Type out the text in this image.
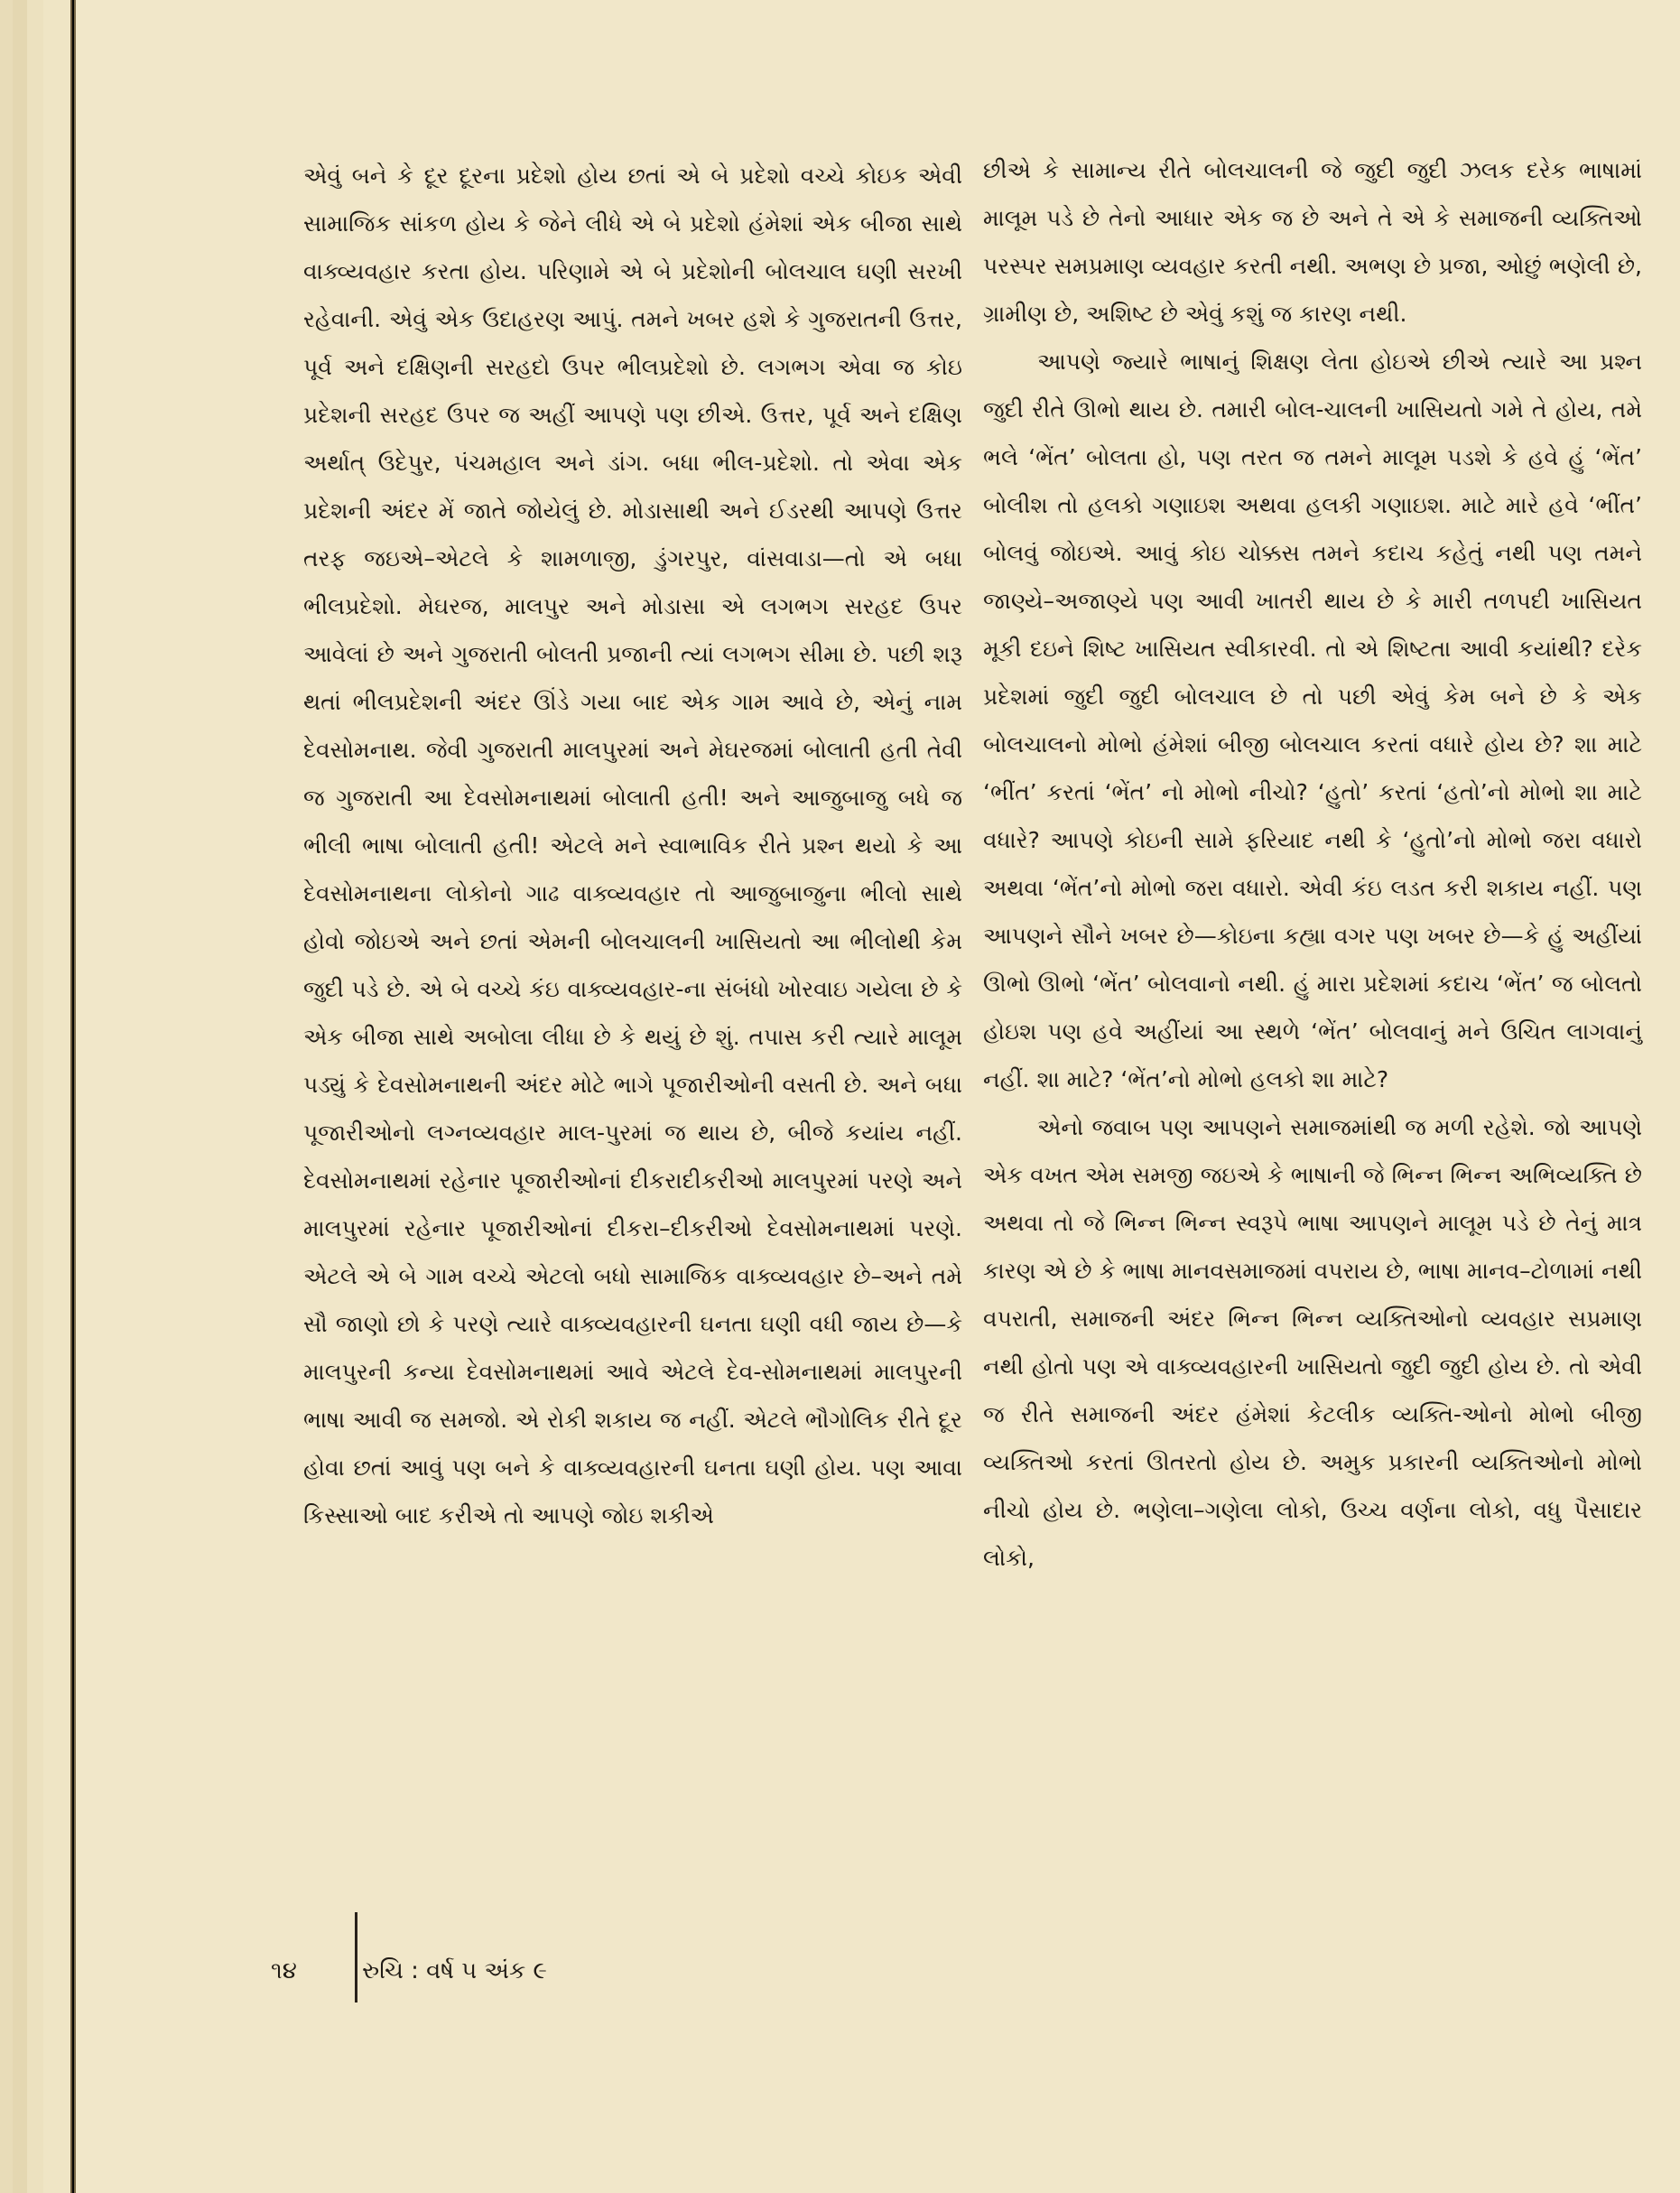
એવું બને કે દૂર દૂરના પ્રદેશો હોય છતાં એ બે પ્રદેશો વચ્ચે કોઇક એવી સામાજિક સાંકળ હોય કે જેને લીધે એ બે પ્રદેશો હંમેશાં એક બીજા સાથે વાક્વ્યવહાર કરતા હોય. પરિણામે એ બે પ્રદેશોની બોલચાલ ઘણી સરખી રહેવાની. એવું એક ઉદાહરણ આપું. તમને ખબર હશે કે ગુજરાતની ઉત્તર, પૂર્વ અને દક્ષિણની સરહદો ઉપર ભીલપ્રદેશો છે. લગભગ એવા જ કોઇ પ્રદેશની સરહદ ઉપર જ અહીં આપણે પણ છીએ. ઉત્તર, પૂર્વ અને દક્ષિણ અર્થાત્ ઉદેપુર, પંચમહાલ અને ડાંગ. બધા ભીલ-પ્રદેશો. તો એવા એક પ્રદેશની અંદર મેં જાતે જોયેલું છે. મોડાસાથી અને ઈડરથી આપણે ઉત્તર તરફ જઇએ–એટલે કે શામળાજી, ડુંગરપુર, વાંસવાડા—તો એ બધા ભીલપ્રદેશો. મેઘરજ, માલપુર અને મોડાસા એ લગભગ સરહદ ઉપર આવેલાં છે અને ગુજરાતી બોલતી પ્રજાની ત્યાં લગભગ સીમા છે. પછી શરૂ થતાં ભીલપ્રદેશની અંદર ઊંડે ગયા બાદ એક ગામ આવે છે, એનું નામ દેવસોમનાથ. જેવી ગુજરાતી માલપુરમાં અને મેઘરજમાં બોલાતી હતી તેવી જ ગુજરાતી આ દેવસોમનાથમાં બોલાતી હતી! અને આજુબાજુ બધે જ ભીલી ભાષા બોલાતી હતી! એટલે મને સ્વાભાવિક રીતે પ્રશ્ન થયો કે આ દેવસોમનાથના લોકોનો ગાઢ વાક્વ્યવહાર તો આજુબાજુના ભીલો સાથે હોવો જોઇએ અને છતાં એમની બોલચાલની ખાસિયતો આ ભીલોથી કેમ જુદી પડે છે. એ બે વચ્ચે કંઇ વાક્વ્યવહાર-ના સંબંધો ખોરવાઇ ગયેલા છે કે એક બીજા સાથે અબોલા લીધા છે કે થયું છે શું. તપાસ કરી ત્યારે માલૂમ પડ્યું કે દેવસોમનાથની અંદર મોટે ભાગે પૂજારીઓની વસતી છે. અને બધા પૂજારીઓનો લગ્નવ્યવહાર માલ-પુરમાં જ થાય છે, બીજે કયાંય નહીં. દેવસોમનાથમાં રહેનાર પૂજારીઓનાં દીકરાદીકરીઓ માલપુરમાં પરણે અને માલપુરમાં રહેનાર પૂજારીઓનાં દીકરા–દીકરીઓ દેવસોમનાથમાં પરણે. એટલે એ બે ગામ વચ્ચે એટલો બધો સામાજિક વાક્વ્યવહાર છે–અને તમે સૌ જાણો છો કે પરણે ત્યારે વાક્વ્યવહારની ઘનતા ઘણી વધી જાય છે—કે માલપુરની કન્યા દેવસોમનાથમાં આવે એટલે દેવ-સોમનાથમાં માલપુરની ભાષા આવી જ સમજો. એ રોકી શકાય જ નહીં. એટલે ભૌગોલિક રીતે દૂર હોવા છતાં આવું પણ બને કે વાક્વ્યવહારની ઘનતા ઘણી હોય. પણ આવા કિસ્સાઓ બાદ કરીએ તો આપણે જોઇ શકીએ

છીએ કે સામાન્ય રીતે બોલચાલની જે જુદી જુદી ઝલક દરેક ભાષામાં માલૂમ પડે છે તેનો આધાર એક જ છે અને તે એ કે સમાજની વ્યક્તિઓ પરસ્પર સમપ્રમાણ વ્યવહાર કરતી નથી. અભણ છે પ્રજા, ઓછું ભણેલી છે, ગ્રામીણ છે, અશિષ્ટ છે એવું કશું જ કારણ નથી.

આપણે જ્યારે ભાષાનું શિક્ષણ લેતા હોઇએ છીએ ત્યારે આ પ્રશ્ન જુદી રીતે ઊભો થાય છે. તમારી બોલ-ચાલની ખાસિયતો ગમે તે હોય, તમે ભલે ‘ભેંત’ બોલતા હો, પણ તરત જ તમને માલૂમ પડશે કે હવે હું ‘ભેંત’ બોલીશ તો હલકો ગણાઇશ અથવા હલકી ગણાઇશ. માટે મારે હવે ‘ભીંત’ બોલવું જોઇએ. આવું કોઇ ચોક્કસ તમને કદાચ કહેતું નથી પણ તમને જાણ્યે–અજાણ્યે પણ આવી ખાતરી થાય છે કે મારી તળપદી ખાસિયત મૂકી દઇને શિષ્ટ ખાસિયત સ્વીકારવી. તો એ શિષ્ટતા આવી કયાંથી? દરેક પ્રદેશમાં જુદી જુદી બોલચાલ છે તો પછી એવું કેમ બને છે કે એક બોલચાલનો મોભો હંમેશાં બીજી બોલચાલ કરતાં વધારે હોય છે? શા માટે ‘ભીંત’ કરતાં ‘ભેંત’ નો મોભો નીચો? ‘હુતો’ કરતાં ‘હતો’નો મોભો શા માટે વધારે? આપણે કોઇની સામે ફરિયાદ નથી કે ‘હુતો’નો મોભો જરા વધારો અથવા ‘ભેંત’નો મોભો જરા વધારો. એવી કંઇ લડત કરી શકાય નહીં. પણ આપણને સૌને ખબર છે—કોઇના કહ્યા વગર પણ ખબર છે—કે હું અહીંયાં ઊભો ઊભો ‘ભેંત’ બોલવાનો નથી. હું મારા પ્રદેશમાં કદાચ ‘ભેંત’ જ બોલતો હોઇશ પણ હવે અહીંયાં આ સ્થળે ‘ભેંત’ બોલવાનું મને ઉચિત લાગવાનું નહીં. શા માટે? ‘ભેંત’નો મોભો હલકો શા માટે?

એનો જવાબ પણ આપણને સમાજમાંથી જ મળી રહેશે. જો આપણે એક વખત એમ સમજી જઇએ કે ભાષાની જે ભિન્ન ભિન્ન અભિવ્યક્તિ છે અથવા તો જે ભિન્ન ભિન્ન સ્વરૂપે ભાષા આપણને માલૂમ પડે છે તેનું માત્ર કારણ એ છે કે ભાષા માનવસમાજમાં વપરાય છે, ભાષા માનવ–ટોળામાં નથી વપરાતી, સમાજની અંદર ભિન્ન ભિન્ન વ્યક્તિઓનો વ્યવહાર સપ્રમાણ નથી હોતો પણ એ વાક્વ્યવહારની ખાસિયતો જુદી જુદી હોય છે. તો એવી જ રીતે સમાજની અંદર હંમેશાં કેટલીક વ્યક્તિ-ઓનો મોભો બીજી વ્યક્તિઓ કરતાં ઊતરતો હોય છે. અમુક પ્રકારની વ્યક્તિઓનો મોભો નીચો હોય છે. ભણેલા–ગણેલા લોકો, ઉચ્ચ વર્ણના લોકો, વધુ પૈસાદાર લોકો,

૧૪	રુચિ : વર્ષ ૫ અંક ૯
